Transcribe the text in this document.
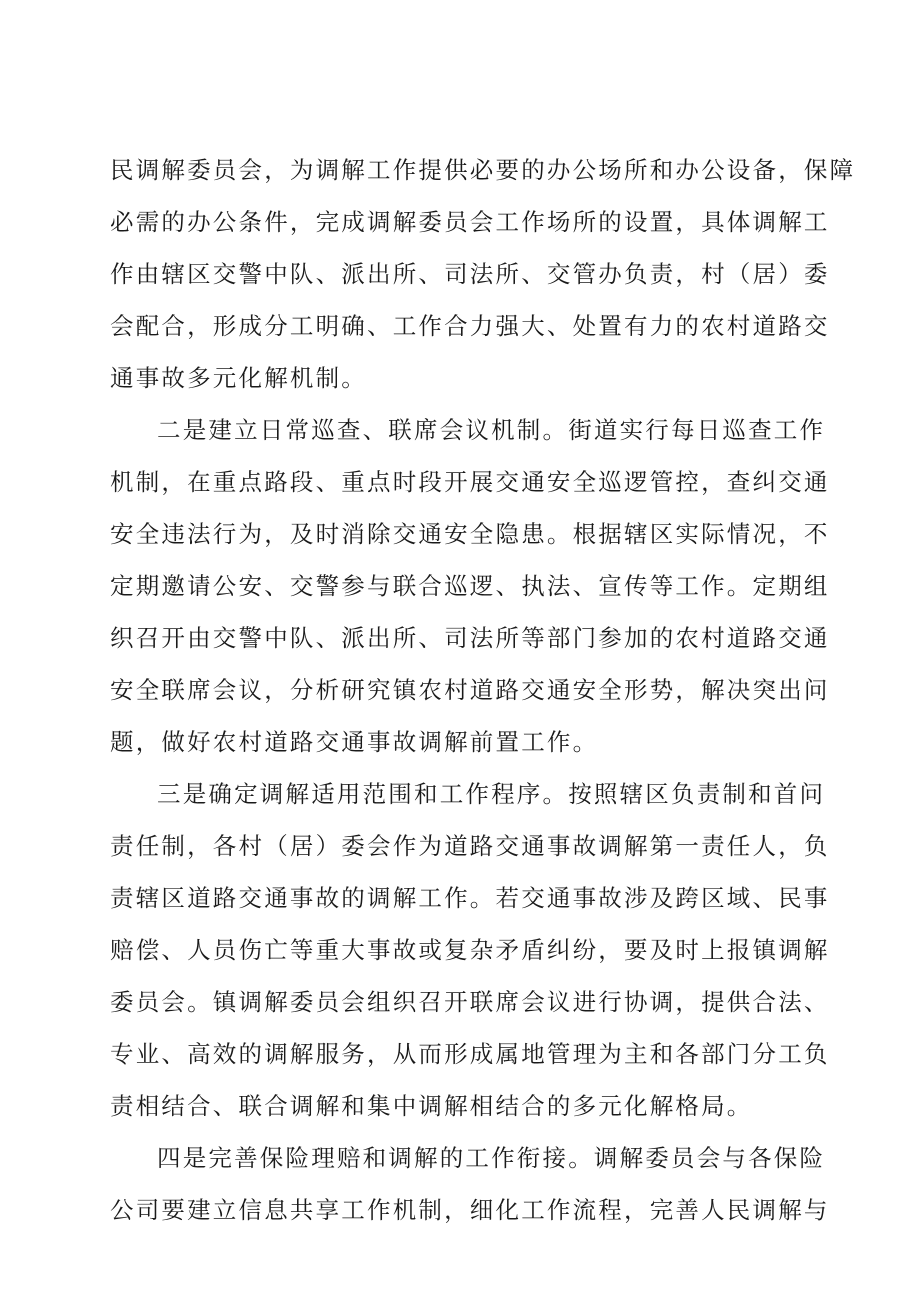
民调解委员会，为调解工作提供必要的办公场所和办公设备，保障
必需的办公条件，完成调解委员会工作场所的设置，具体调解工
作由辖区交警中队、派出所、司法所、交管办负责，村（居）委
会配合，形成分工明确、工作合力强大、处置有力的农村道路交
通事故多元化解机制。
二是建立日常巡查、联席会议机制。街道实行每日巡查工作
机制，在重点路段、重点时段开展交通安全巡逻管控，查纠交通
安全违法行为，及时消除交通安全隐患。根据辖区实际情况，不
定期邀请公安、交警参与联合巡逻、执法、宣传等工作。定期组
织召开由交警中队、派出所、司法所等部门参加的农村道路交通
安全联席会议，分析研究镇农村道路交通安全形势，解决突出问
题，做好农村道路交通事故调解前置工作。
三是确定调解适用范围和工作程序。按照辖区负责制和首问
责任制，各村（居）委会作为道路交通事故调解第一责任人，负
责辖区道路交通事故的调解工作。若交通事故涉及跨区域、民事
赔偿、人员伤亡等重大事故或复杂矛盾纠纷，要及时上报镇调解
委员会。镇调解委员会组织召开联席会议进行协调，提供合法、
专业、高效的调解服务，从而形成属地管理为主和各部门分工负
责相结合、联合调解和集中调解相结合的多元化解格局。
四是完善保险理赔和调解的工作衔接。调解委员会与各保险
公司要建立信息共享工作机制，细化工作流程，完善人民调解与
